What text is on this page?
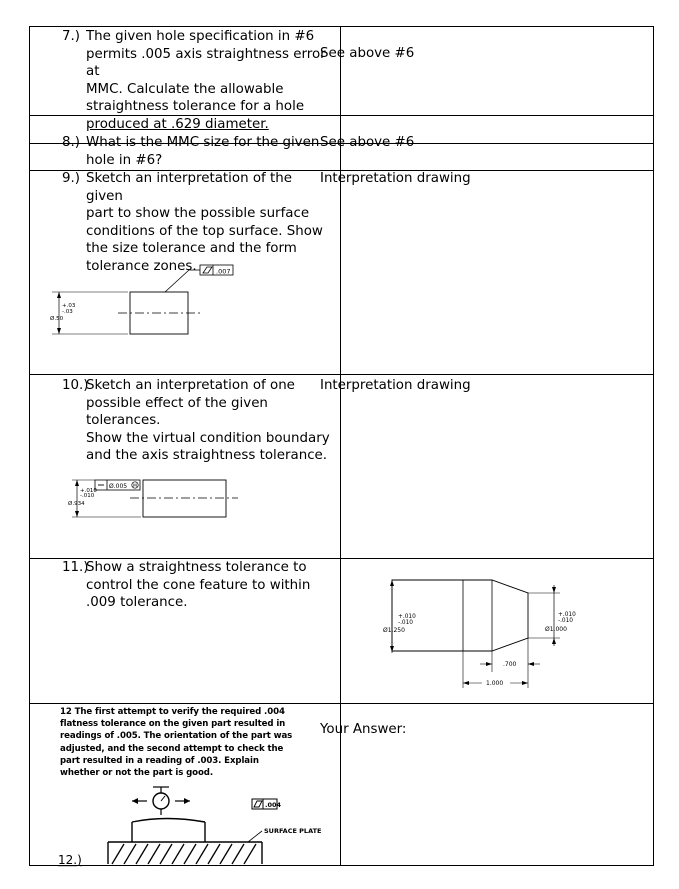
7.) The given hole specification in #6
permits .005 axis straightness error at
MMC. Calculate the allowable
straightness tolerance for a hole
produced at .629 diameter.
See above #6
8.) What is the MMC size for the given
hole in #6?
See above #6
9.) Sketch an interpretation of the given
part to show the possible surface
conditions of the top surface. Show
the size tolerance and the form
tolerance zones.
Interpretation drawing
.007
+.03
-.03
Ø.50
10.)
Sketch an interpretation of one
possible effect of the given tolerances.
Show the virtual condition boundary
and the axis straightness tolerance.
Interpretation drawing
Ø.005 M
+.010
-.010
Ø.934
11.)
Show a straightness tolerance to
control the cone feature to within
.009 tolerance.
+.010
-.010
Ø1.250
+.010
-.010
Ø1.000
.700
1.000
12 The first attempt to verify the required .004
flatness tolerance on the given part resulted in
readings of .005. The orientation of the part was
adjusted, and the second attempt to check the
part resulted in a reading of .003. Explain
whether or not the part is good.
Your Answer:
.004
SURFACE PLATE
12.)
